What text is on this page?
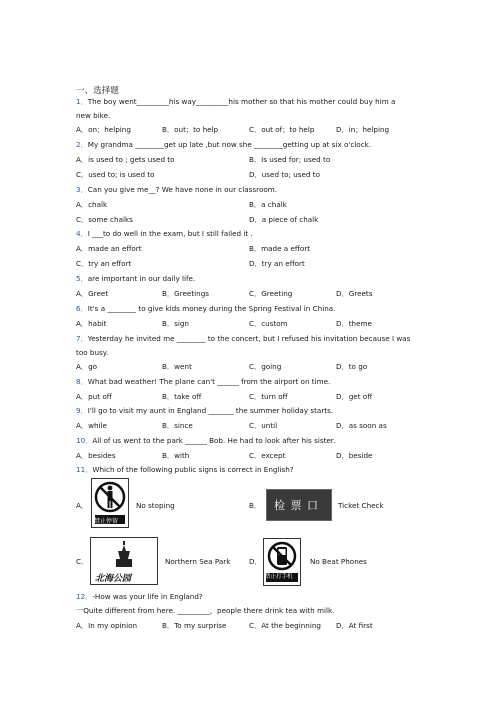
一、选择题
1．The boy went_________his way_________his mother so that his mother could buy him a
new bike.
A．on；helping	B．out；to help	C．out of；to help	D．in；helping
2．My grandma ________get up late ,but now she ________getting up at six o'clock.
A．is used to ; gets used to	B．Is used for; used to
C．used to; is used to	D．used to; used to
3．Can you give me__? We have none in our classroom.
A．chalk	B．a chalk
C．some chalks	D．a piece of chalk
4．I ___to do well in the exam, but I still failed it .
A．made an effort	B．made a effort
C．try an effort	D．try an effort
5．are important in our daily life.
A．Greet	B．Greetings	C．Greeting	D．Greets
6．It's a ________ to give kids money during the Spring Festival in China.
A．habit	B．sign	C．custom	D．theme
7．Yesterday he invited me ________ to the concert, but I refused his invitation because I was
too busy.
A．go	B．went	C．going	D．to go
8．What bad weather! The plane can't ______ from the airport on time.
A．put off	B．take off	C．turn off	D．get off
9．I'll go to visit my aunt in England _______ the summer holiday starts.
A．while	B．since	C．until	D．as soon as
10．All of us went to the park ______ Bob. He had to look after his sister.
A．besides	B．with	C．except	D．beside
11．Which of the following public signs is correct in English?
A．
禁止停留
No stoping	B． 检 票 口	Ticket Check
C．
北海公园
Northern Sea Park	D．
禁止打手机
No Beat Phones
12．-How was your life in England?
一Quite different from here. _________，people there drink tea with milk.
A．In my opinion	B．To my surprise	C．At the beginning D．At first
